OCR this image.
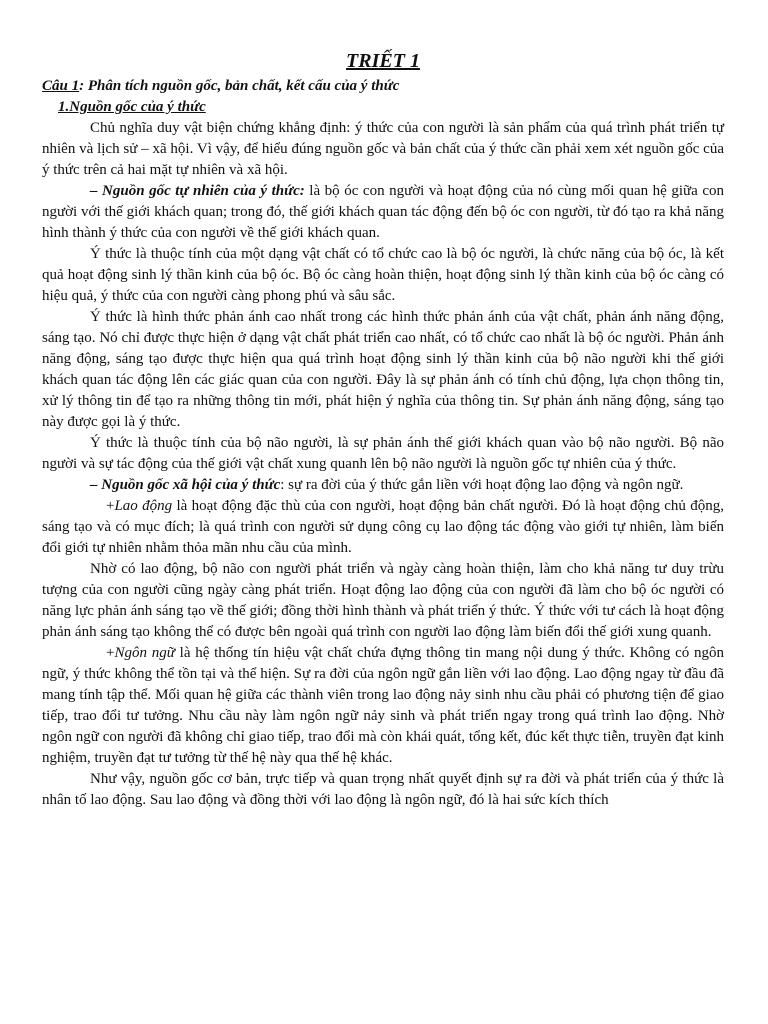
TRIẾT 1

Câu 1: Phân tích nguồn gốc, bản chất, kết cấu của ý thức

1.Nguồn gốc của ý thức

Chủ nghĩa duy vật biện chứng khẳng định: ý thức của con người là sản phẩm của quá trình phát triển tự nhiên và lịch sử – xã hội. Vì vậy, để hiểu đúng nguồn gốc và bản chất của ý thức cần phải xem xét nguồn gốc của ý thức trên cả hai mặt tự nhiên và xã hội.

– Nguồn gốc tự nhiên của ý thức: là bộ óc con người và hoạt động của nó cùng mối quan hệ giữa con người với thế giới khách quan; trong đó, thế giới khách quan tác động đến bộ óc con người, từ đó tạo ra khả năng hình thành ý thức của con người về thế giới khách quan.

Ý thức là thuộc tính của một dạng vật chất có tổ chức cao là bộ óc người, là chức năng của bộ óc, là kết quả hoạt động sinh lý thần kinh của bộ óc. Bộ óc càng hoàn thiện, hoạt động sinh lý thần kinh của bộ óc càng có hiệu quả, ý thức của con người càng phong phú và sâu sắc.

Ý thức là hình thức phản ánh cao nhất trong các hình thức phản ánh của vật chất, phản ánh năng động, sáng tạo. Nó chỉ được thực hiện ở dạng vật chất phát triển cao nhất, có tổ chức cao nhất là bộ óc người. Phản ánh năng động, sáng tạo được thực hiện qua quá trình hoạt động sinh lý thần kinh của bộ não người khi thế giới khách quan tác động lên các giác quan của con người. Đây là sự phản ánh có tính chủ động, lựa chọn thông tin, xử lý thông tin để tạo ra những thông tin mới, phát hiện ý nghĩa của thông tin. Sự phản ánh năng động, sáng tạo này được gọi là ý thức.

Ý thức là thuộc tính của bộ não người, là sự phản ánh thế giới khách quan vào bộ não người. Bộ não người và sự tác động của thế giới vật chất xung quanh lên bộ não người là nguồn gốc tự nhiên của ý thức.

– Nguồn gốc xã hội của ý thức: sự ra đời của ý thức gắn liền với hoạt động lao động và ngôn ngữ.

+Lao động là hoạt động đặc thù của con người, hoạt động bản chất người. Đó là hoạt động chủ động, sáng tạo và có mục đích; là quá trình con người sử dụng công cụ lao động tác động vào giới tự nhiên, làm biến đổi giới tự nhiên nhằm thỏa mãn nhu cầu của mình.

Nhờ có lao động, bộ não con người phát triển và ngày càng hoàn thiện, làm cho khả năng tư duy trừu tượng của con người cũng ngày càng phát triển. Hoạt động lao động của con người đã làm cho bộ óc người có năng lực phản ánh sáng tạo về thế giới; đồng thời hình thành và phát triển ý thức. Ý thức với tư cách là hoạt động phản ánh sáng tạo không thể có được bên ngoài quá trình con người lao động làm biến đổi thế giới xung quanh.

+Ngôn ngữ là hệ thống tín hiệu vật chất chứa đựng thông tin mang nội dung ý thức. Không có ngôn ngữ, ý thức không thể tồn tại và thể hiện. Sự ra đời của ngôn ngữ gắn liền với lao động. Lao động ngay từ đầu đã mang tính tập thể. Mối quan hệ giữa các thành viên trong lao động nảy sinh nhu cầu phải có phương tiện để giao tiếp, trao đổi tư tưởng. Nhu cầu này làm ngôn ngữ nảy sinh và phát triển ngay trong quá trình lao động. Nhờ ngôn ngữ con người đã không chỉ giao tiếp, trao đổi mà còn khái quát, tổng kết, đúc kết thực tiễn, truyền đạt kinh nghiệm, truyền đạt tư tưởng từ thế hệ này qua thế hệ khác.

Như vậy, nguồn gốc cơ bản, trực tiếp và quan trọng nhất quyết định sự ra đời và phát triển của ý thức là nhân tố lao động. Sau lao động và đồng thời với lao động là ngôn ngữ, đó là hai sức kích thích
